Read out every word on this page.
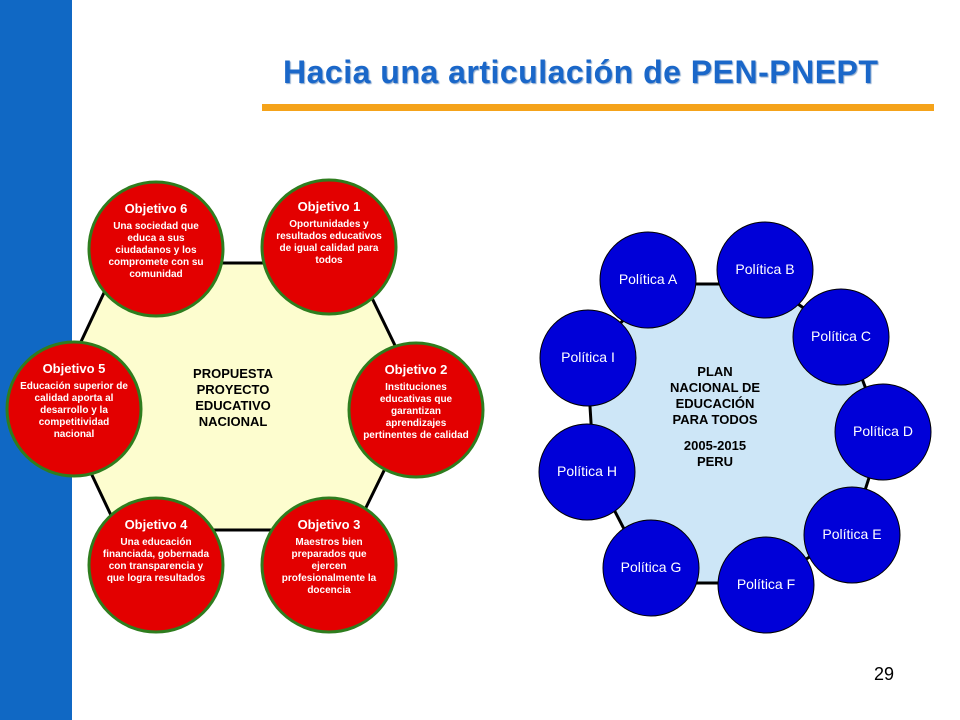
Hacia una articulación de PEN-PNEPT
PROPUESTA
PROYECTO
EDUCATIVO
NACIONAL
PLAN
NACIONAL DE
EDUCACIÓN
PARA TODOS
2005-2015
PERU
Objetivo 1
Oportunidades y resultados educativos de igual calidad para todos
Objetivo 2
Instituciones educativas que garantizan aprendizajes pertinentes de calidad
Objetivo 3
Maestros bien preparados que ejercen profesionalmente la docencia
Objetivo 4
Una educación financiada, gobernada con transparencia y que logra resultados
Objetivo 5
Educación superior de calidad aporta al desarrollo y la competitividad nacional
Objetivo 6
Una sociedad que educa a sus ciudadanos y los compromete con su comunidad	Política A
Política B
Política C
Política D
Política E
Política F
Política G
Política H
Política I
29
